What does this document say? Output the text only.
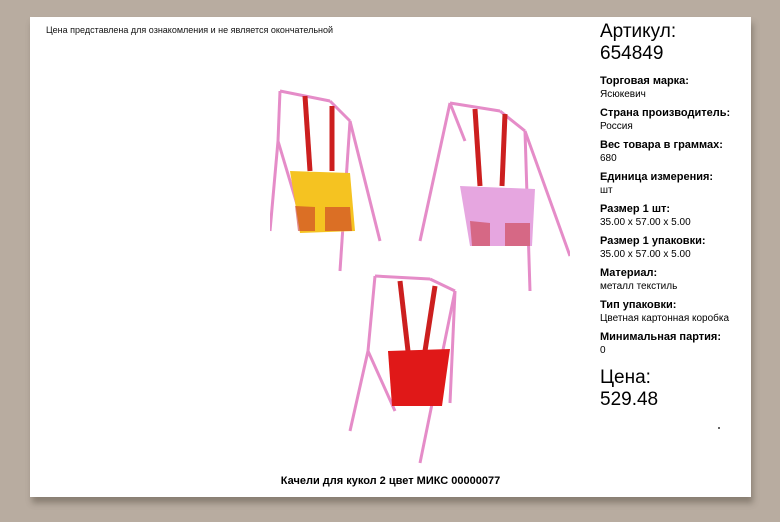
Цена представлена для ознакомления и не является окончательной
Качели для кукол 2 цвет МИКС 00000077
Артикул:
654849
Торговая марка:
Ясюкевич
Страна производитель:
Россия
Вес товара в граммах:
680
Единица измерения:
шт
Размер 1 шт:
35.00 x 57.00 x 5.00
Размер 1 упаковки:
35.00 x 57.00 x 5.00
Материал:
металл текстиль
Тип упаковки:
Цветная картонная коробка
Минимальная партия:
0
Цена:
529.48
